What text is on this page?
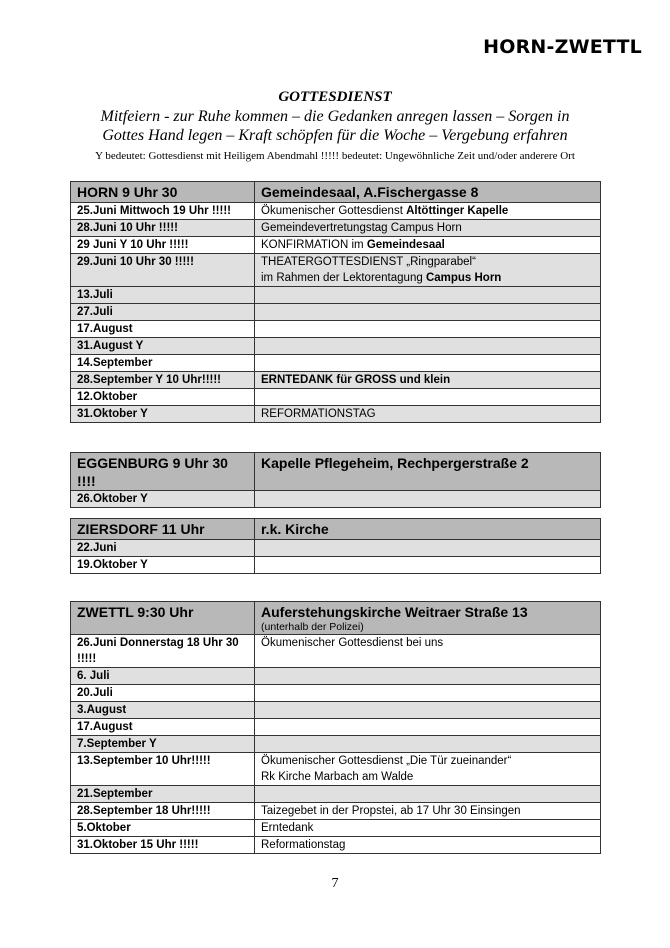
HORN-ZWETTL
GOTTESDIENST
Mitfeiern - zur Ruhe kommen – die Gedanken anregen lassen – Sorgen in
Gottes Hand legen – Kraft schöpfen für die Woche – Vergebung erfahren
Y bedeutet: Gottesdienst mit Heiligem Abendmahl !!!!! bedeutet: Ungewöhnliche Zeit und/oder anderere Ort
HORN 9 Uhr 30	Gemeindesaal, A.Fischergasse 8
25.Juni Mittwoch 19 Uhr !!!!!	Ökumenischer Gottesdienst Altöttinger Kapelle
28.Juni 10 Uhr !!!!!	Gemeindevertretungstag Campus Horn
29 Juni Y 10 Uhr !!!!!	KONFIRMATION im Gemeindesaal
29.Juni 10 Uhr 30 !!!!!	THEATERGOTTESDIENST „Ringparabel“
im Rahmen der Lektorentagung Campus Horn

13.Juli	
27.Juli	
17.August	
31.August Y	
14.September	
28.September Y 10 Uhr!!!!!	ERNTEDANK für GROSS und klein
12.Oktober	
31.Oktober Y	REFORMATIONSTAG
EGGENBURG 9 Uhr 30 !!!!	Kapelle Pflegeheim, Rechpergerstraße 2
26.Oktober Y	
ZIERSDORF 11 Uhr	r.k. Kirche
22.Juni	
19.Oktober Y	
ZWETTL 9:30 Uhr	Auferstehungskirche Weitraer Straße 13
(unterhalb der Polizei)

26.Juni Donnerstag 18 Uhr 30
!!!!!	Ökumenischer Gottesdienst bei uns
6. Juli	
20.Juli	
3.August	
17.August	
7.September Y	
13.September 10 Uhr!!!!!	Ökumenischer Gottesdienst „Die Tür zueinander“
Rk Kirche Marbach am Walde

21.September	
28.September 18 Uhr!!!!!	Taizegebet in der Propstei, ab 17 Uhr 30 Einsingen
5.Oktober	Erntedank
31.Oktober 15 Uhr !!!!!	Reformationstag
7
